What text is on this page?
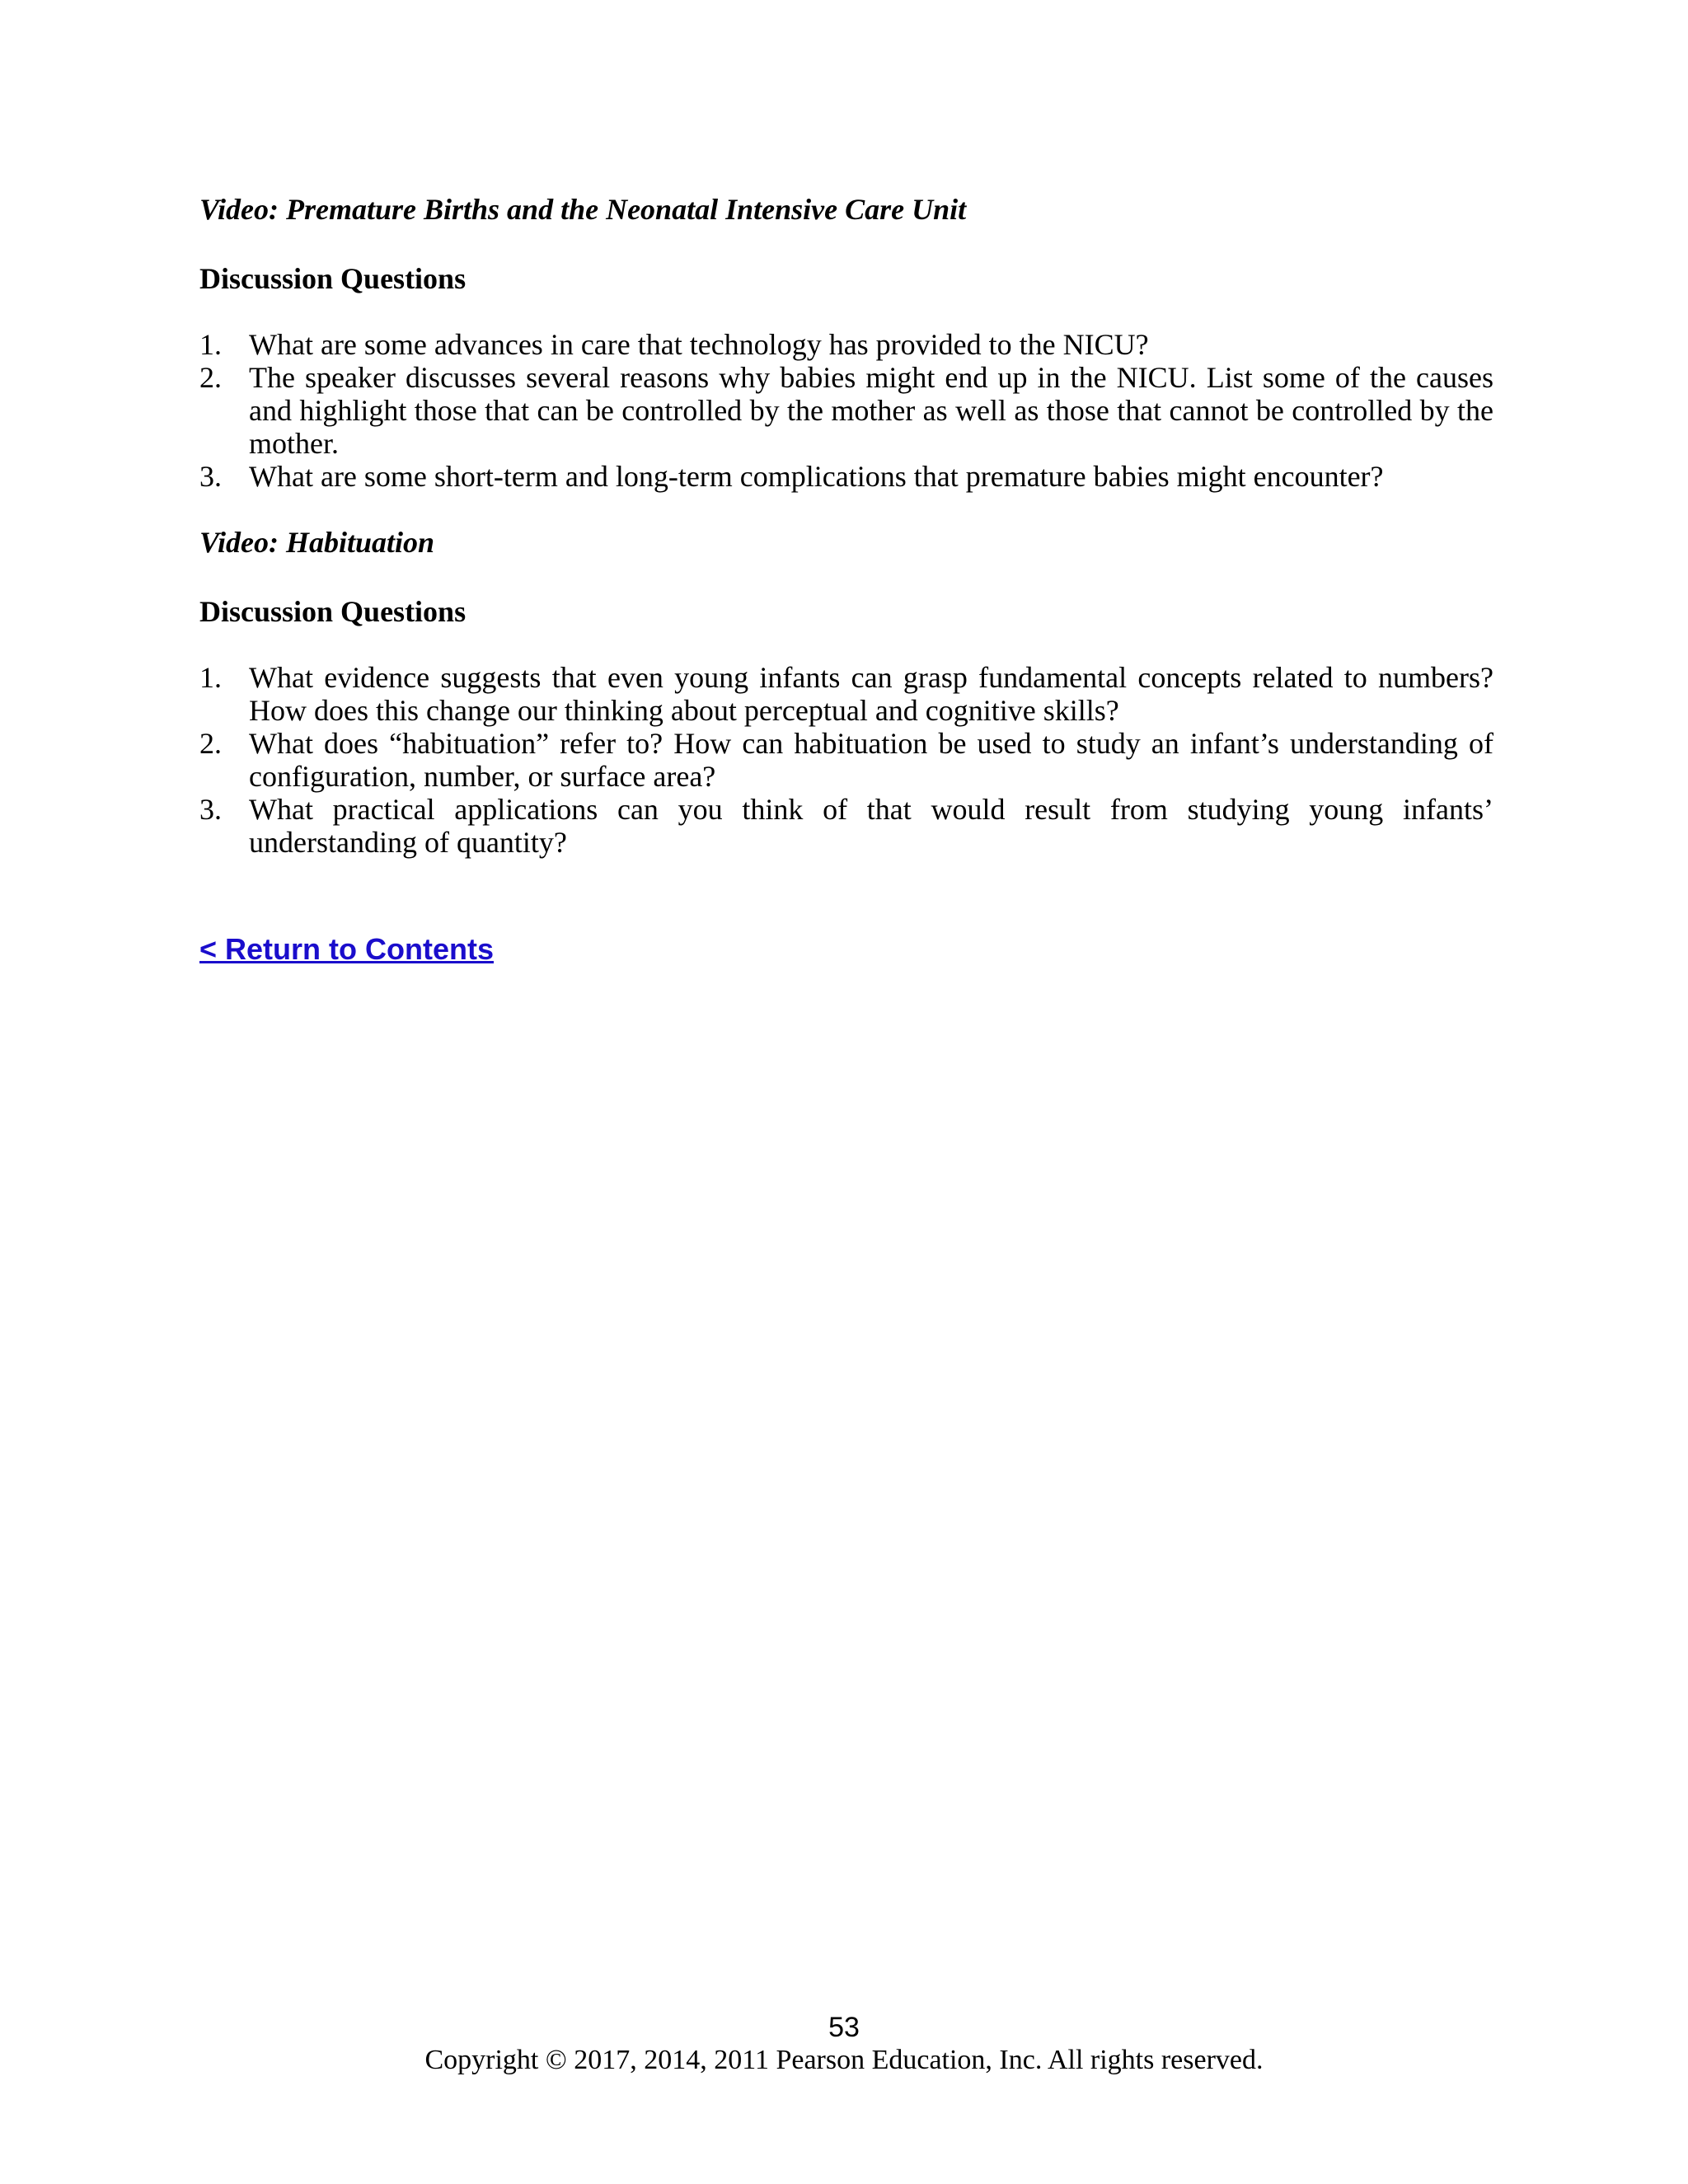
Video: Premature Births and the Neonatal Intensive Care Unit

Discussion Questions

1. What are some advances in care that technology has provided to the NICU?

2. The speaker discusses several reasons why babies might end up in the NICU. List some of the causes and highlight those that can be controlled by the mother as well as those that cannot be controlled by the mother.

3. What are some short-term and long-term complications that premature babies might encounter?

Video: Habituation

Discussion Questions

1. What evidence suggests that even young infants can grasp fundamental concepts related to numbers? How does this change our thinking about perceptual and cognitive skills?

2. What does “habituation” refer to? How can habituation be used to study an infant’s understanding of configuration, number, or surface area?

3. What practical applications can you think of that would result from studying young infants’ understanding of quantity?

< Return to Contents
53
Copyright © 2017, 2014, 2011 Pearson Education, Inc. All rights reserved.
